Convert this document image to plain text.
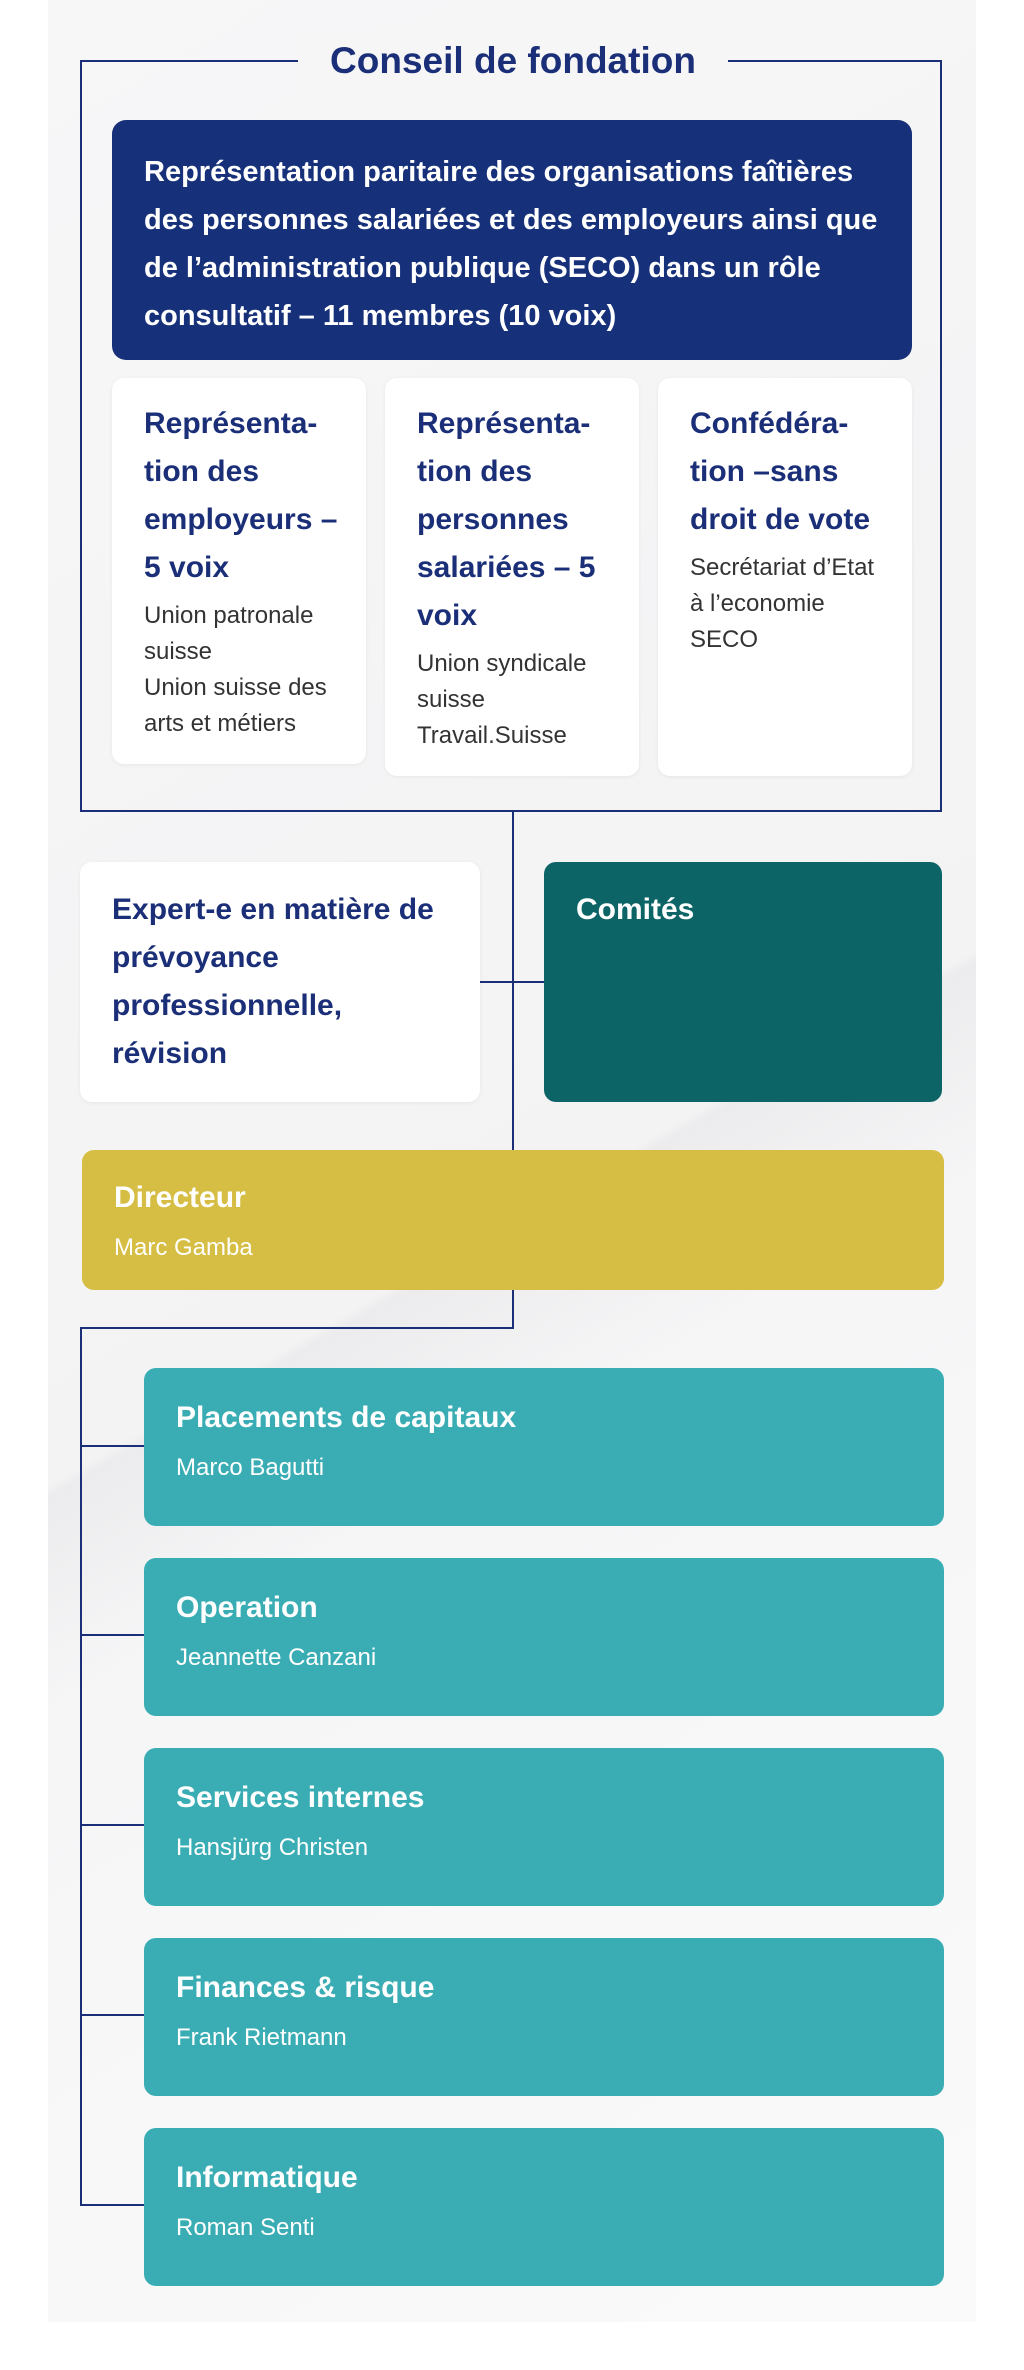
Conseil de fondation
Représentation paritaire des organisations faîtières des personnes salariées et des employeurs ainsi que de l’administration publique (SECO) dans un rôle consultatif – 11 membres (10 voix)
Représenta-tion des employeurs – 5 voix
Union patronale suisse
Union suisse des arts et métiers
Représenta-tion des personnes salariées – 5 voix
Union syndicale suisse
Travail.Suisse
Confédéra-tion –sans droit de vote
Secrétariat d’Etat à l’economie SECO
Expert-e en matière de prévoyance professionnelle, révision
Comités
Directeur
Marc Gamba
Placements de capitaux
Marco Bagutti
Operation
Jeannette Canzani
Services internes
Hansjürg Christen
Finances & risque
Frank Rietmann
Informatique
Roman Senti
